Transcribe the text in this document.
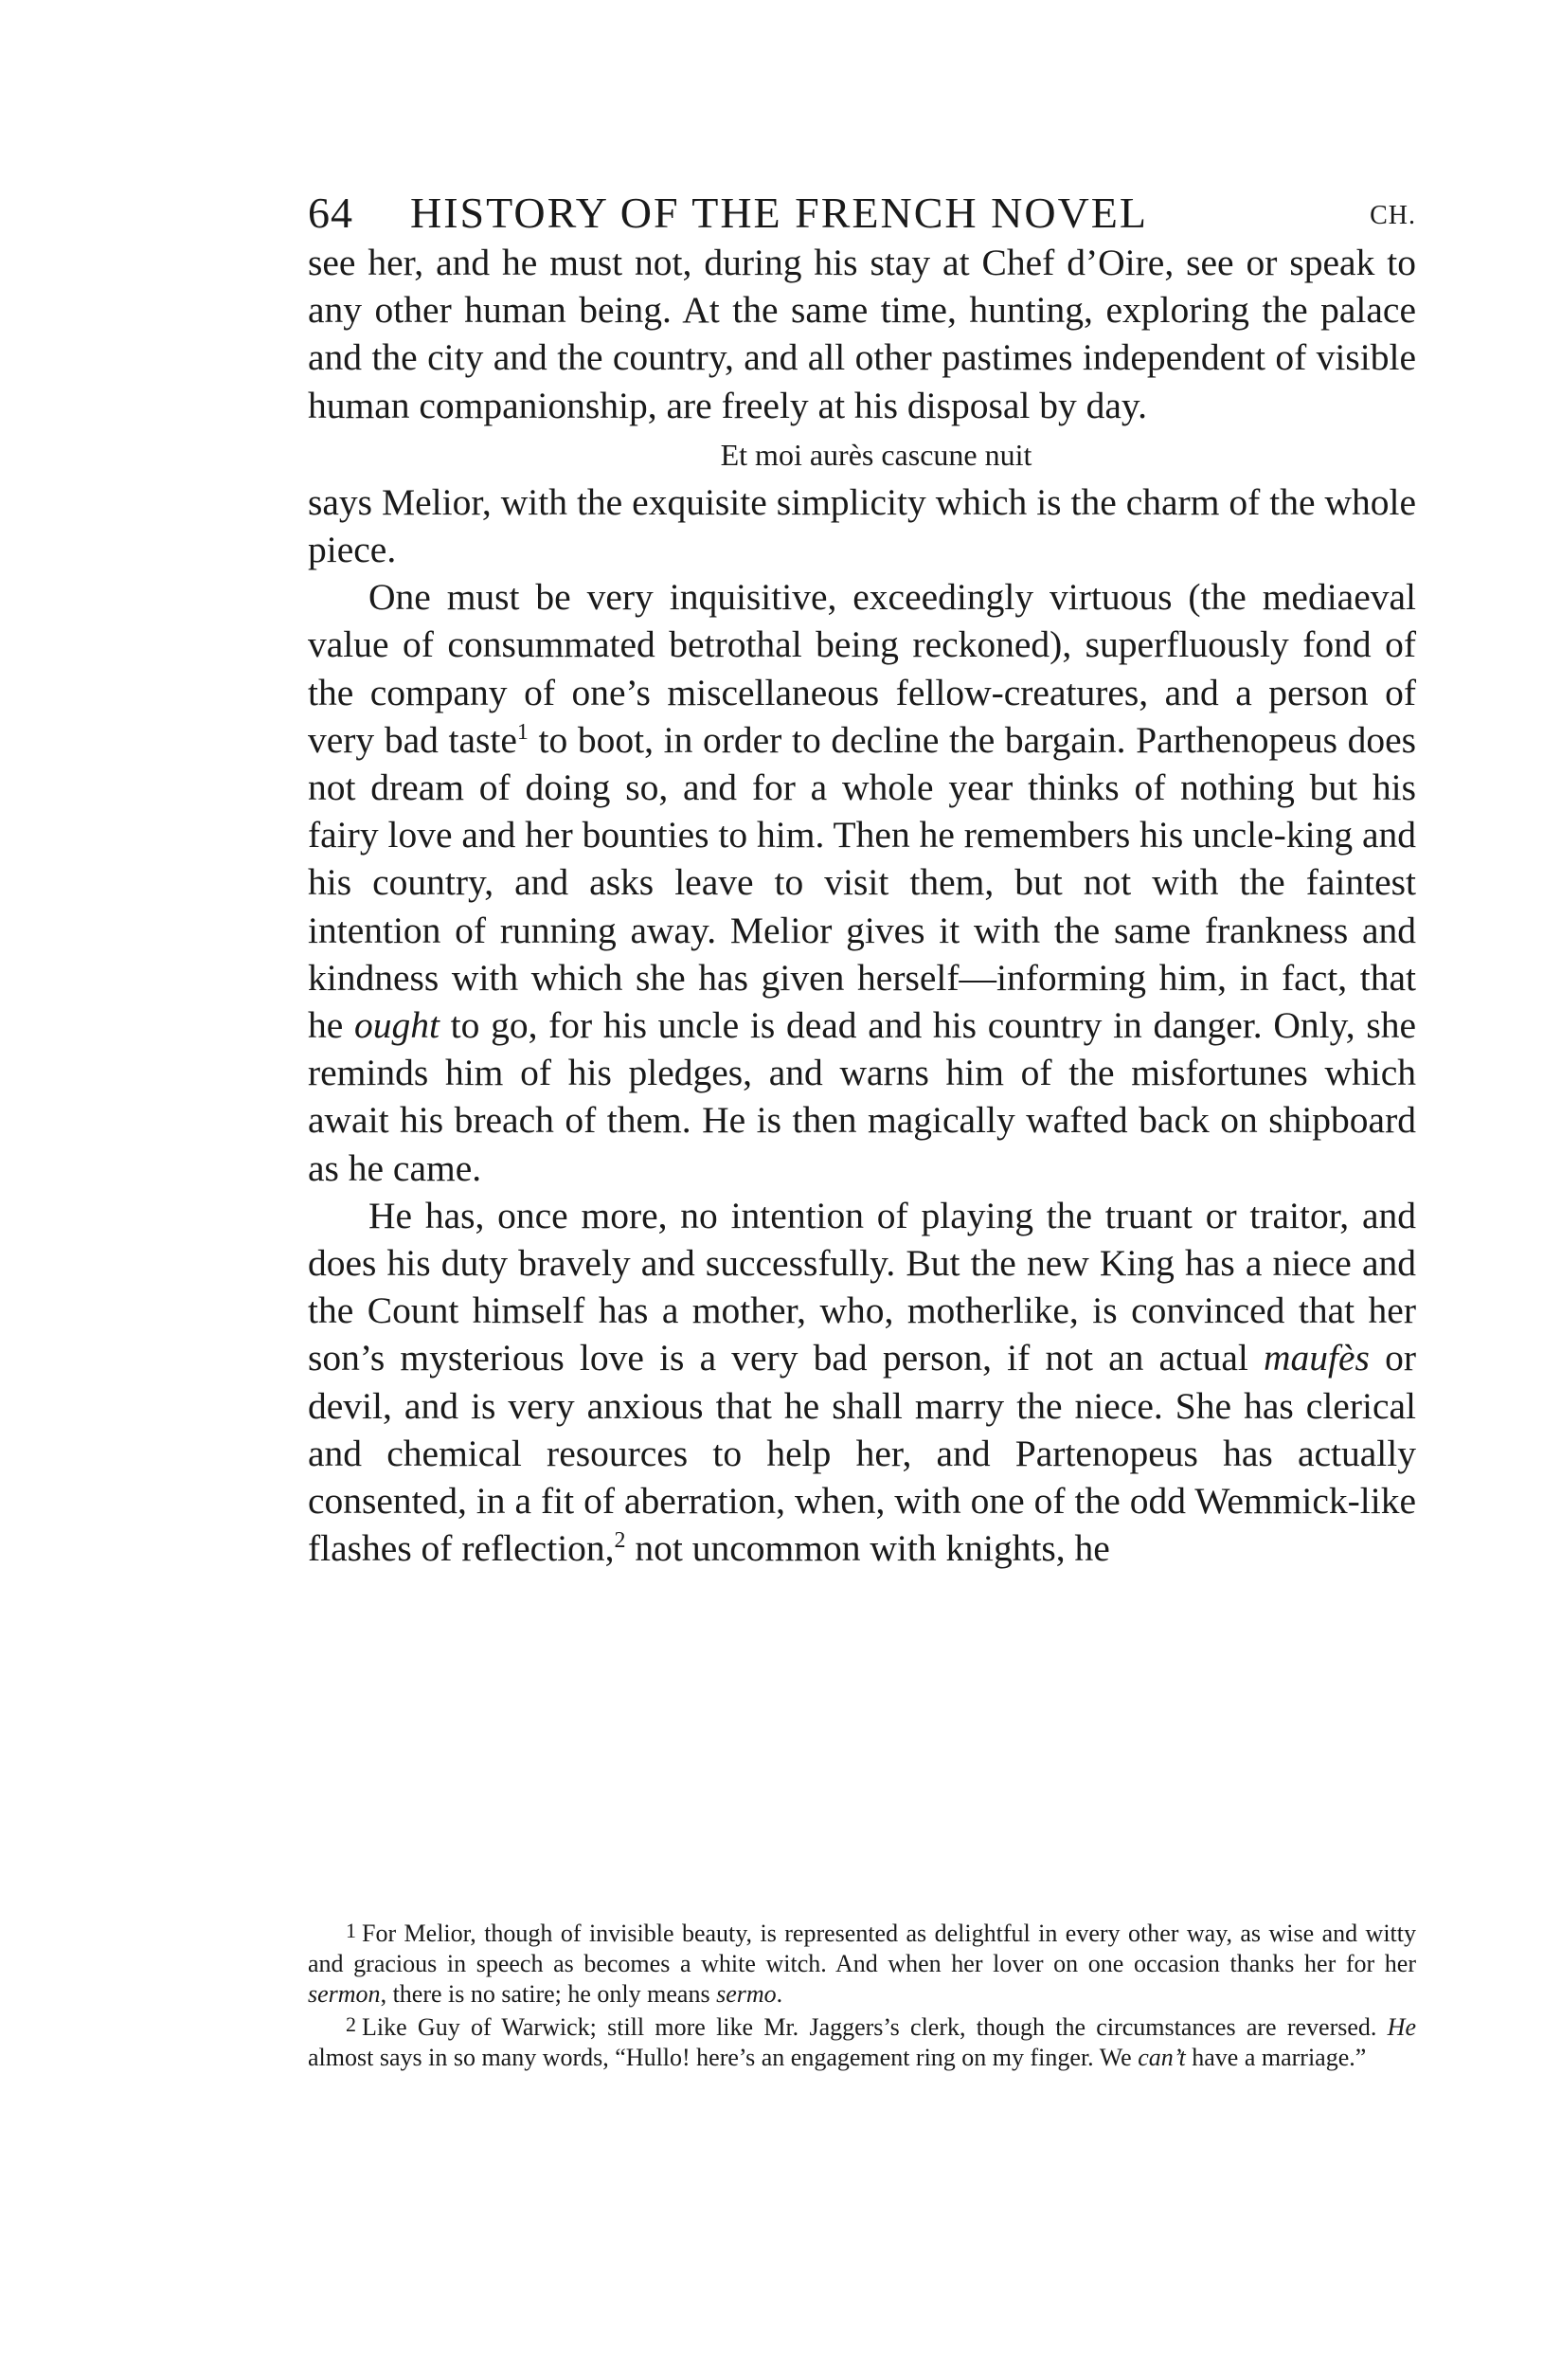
64 HISTORY OF THE FRENCH NOVEL	CH.

see her, and he must not, during his stay at Chef d’Oire, see or speak to any other human being. At the same time, hunting, exploring the palace and the city and the country, and all other pastimes independent of visible human companionship, are freely at his disposal by day.

Et moi aurès cascune nuit

says Melior, with the exquisite simplicity which is the charm of the whole piece.

One must be very inquisitive, exceedingly virtuous (the mediaeval value of consummated betrothal being reckoned), superfluously fond of the company of one’s miscellaneous fellow-creatures, and a person of very bad taste$^1$ to boot, in order to decline the bargain. Parthenopeus does not dream of doing so, and for a whole year thinks of nothing but his fairy love and her bounties to him. Then he remembers his uncle-king and his country, and asks leave to visit them, but not with the faintest intention of running away. Melior gives it with the same frankness and kindness with which she has given herself—informing him, in fact, that he ought to go, for his uncle is dead and his country in danger. Only, she reminds him of his pledges, and warns him of the misfortunes which await his breach of them. He is then magically wafted back on shipboard as he came.

He has, once more, no intention of playing the truant or traitor, and does his duty bravely and successfully. But the new King has a niece and the Count himself has a mother, who, motherlike, is convinced that her son’s mysterious love is a very bad person, if not an actual maufès or devil, and is very anxious that he shall marry the niece. She has clerical and chemical resources to help her, and Partenopeus has actually consented, in a fit of aberration, when, with one of the odd Wemmick-like flashes of reflection,$^2$ not uncommon with knights, he

1 For Melior, though of invisible beauty, is represented as delightful in every other way, as wise and witty and gracious in speech as becomes a white witch. And when her lover on one occasion thanks her for her sermon, there is no satire; he only means sermo.

2 Like Guy of Warwick; still more like Mr. Jaggers’s clerk, though the circumstances are reversed. He almost says in so many words, “Hullo! here’s an engagement ring on my finger. We can’t have a marriage.”
